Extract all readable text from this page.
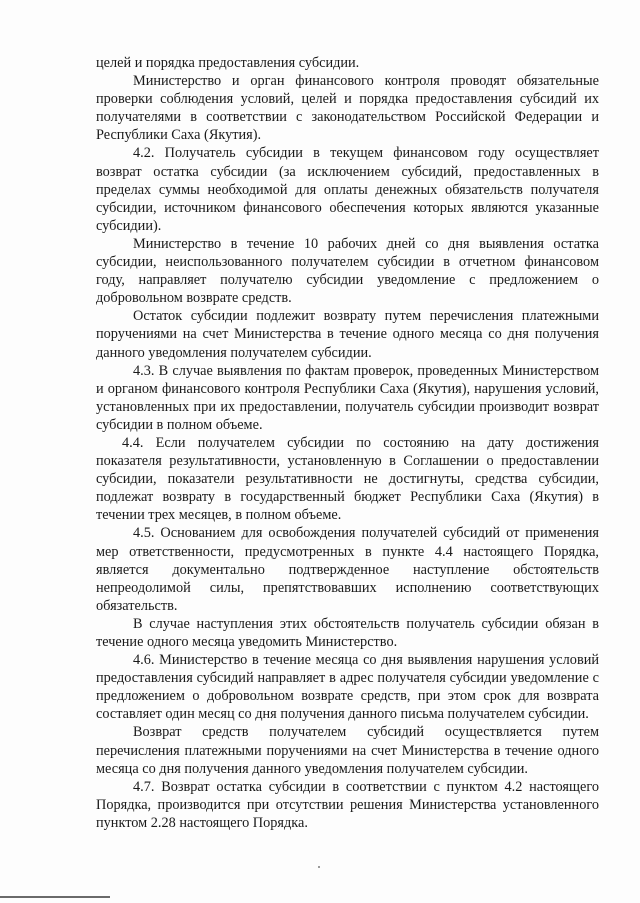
целей и порядка предоставления субсидии.

Министерство и орган финансового контроля проводят обязательные проверки соблюдения условий, целей и порядка предоставления субсидий их получателями в соответствии с законодательством Российской Федерации и Республики Саха (Якутия).

4.2. Получатель субсидии в текущем финансовом году осуществляет возврат остатка субсидии (за исключением субсидий, предоставленных в пределах суммы необходимой для оплаты денежных обязательств получателя субсидии, источником финансового обеспечения которых являются указанные субсидии).

Министерство в течение 10 рабочих дней со дня выявления остатка субсидии, неиспользованного получателем субсидии в отчетном финансовом году, направляет получателю субсидии уведомление с предложением о добровольном возврате средств.

Остаток субсидии подлежит возврату путем перечисления платежными поручениями на счет Министерства в течение одного месяца со дня получения данного уведомления получателем субсидии.

4.3. В случае выявления по фактам проверок, проведенных Министерством и органом финансового контроля Республики Саха (Якутия), нарушения условий, установленных при их предоставлении, получатель субсидии производит возврат субсидии в полном объеме.

4.4. Если получателем субсидии по состоянию на дату достижения показателя результативности, установленную в Соглашении о предоставлении субсидии, показатели результативности не достигнуты, средства субсидии, подлежат возврату в государственный бюджет Республики Саха (Якутия) в течении трех месяцев, в полном объеме.

4.5. Основанием для освобождения получателей субсидий от применения мер ответственности, предусмотренных в пункте 4.4 настоящего Порядка, является документально подтвержденное наступление обстоятельств непреодолимой силы, препятствовавших исполнению соответствующих обязательств.

В случае наступления этих обстоятельств получатель субсидии обязан в течение одного месяца уведомить Министерство.

4.6. Министерство в течение месяца со дня выявления нарушения условий предоставления субсидий направляет в адрес получателя субсидии уведомление с предложением о добровольном возврате средств, при этом срок для возврата составляет один месяц со дня получения данного письма получателем субсидии.

Возврат средств получателем субсидий осуществляется путем перечисления платежными поручениями на счет Министерства в течение одного месяца со дня получения данного уведомления получателем субсидии.

4.7. Возврат остатка субсидии в соответствии с пунктом 4.2 настоящего Порядка, производится при отсутствии решения Министерства установленного пунктом 2.28 настоящего Порядка.
